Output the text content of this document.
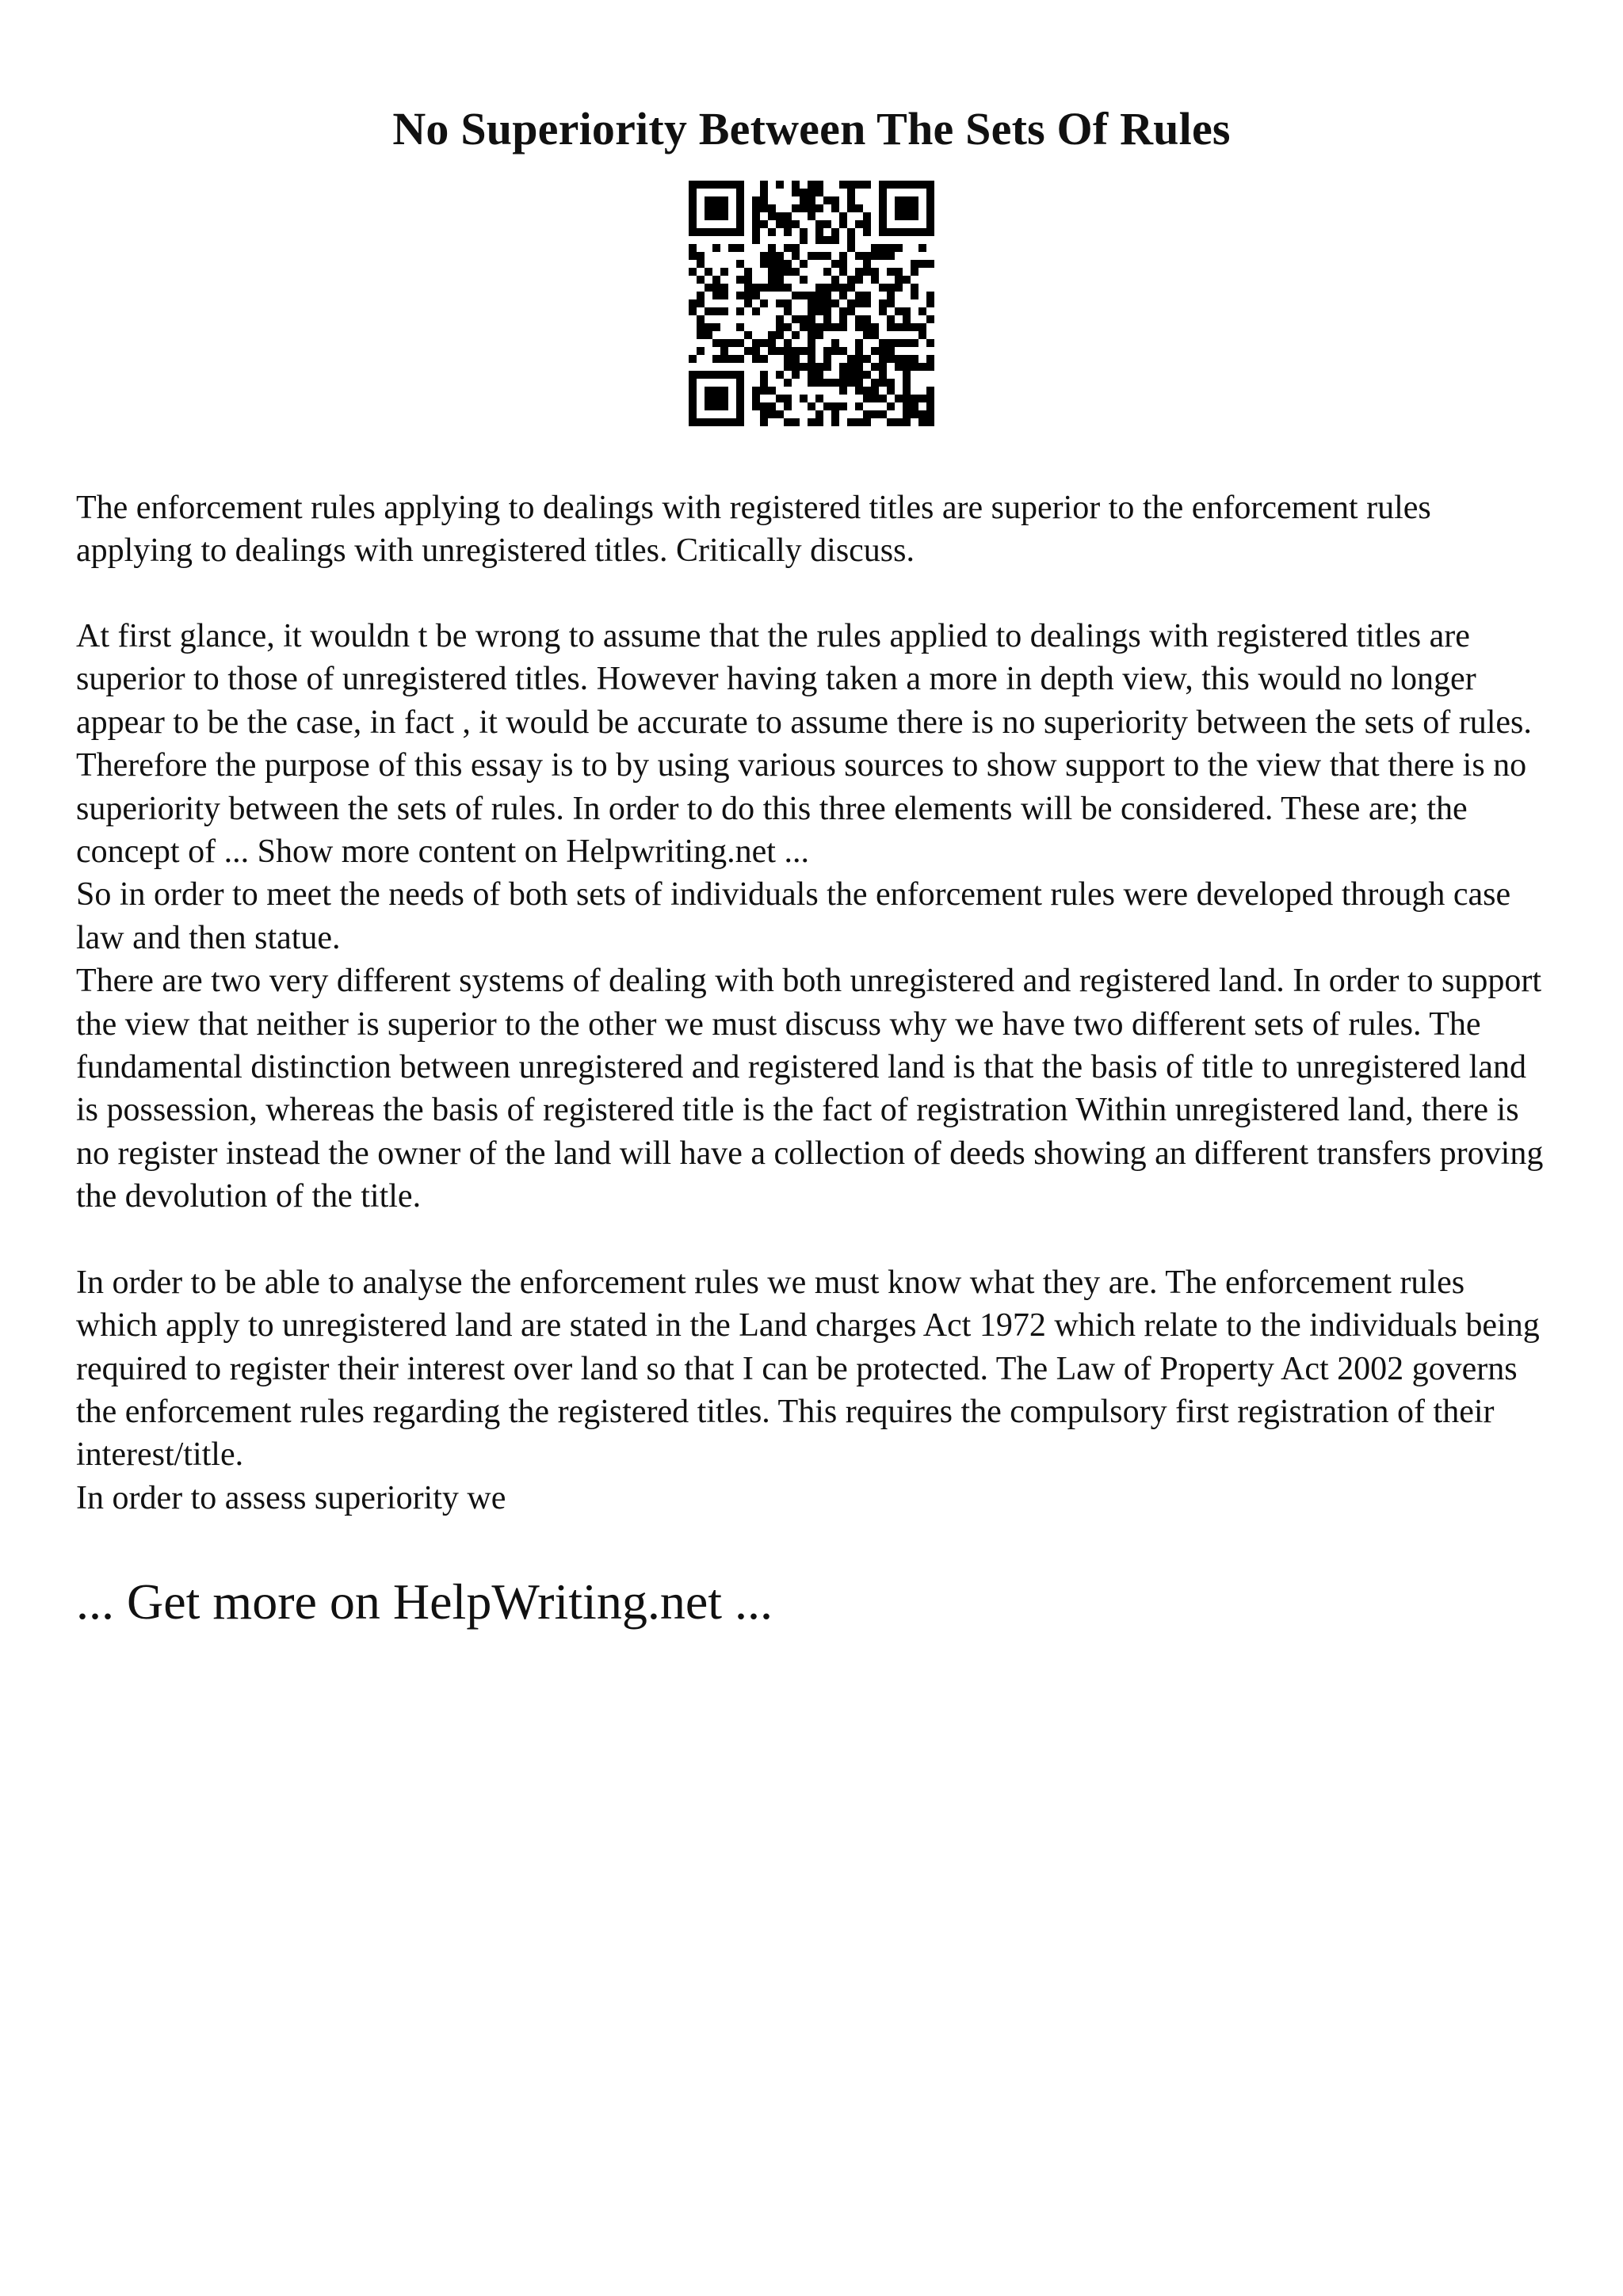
No Superiority Between The Sets Of Rules

The enforcement rules applying to dealings with registered titles are superior to the enforcement rules applying to dealings with unregistered titles. Critically discuss.

At first glance, it wouldn t be wrong to assume that the rules applied to dealings with registered titles are superior to those of unregistered titles. However having taken a more in depth view, this would no longer appear to be the case, in fact , it would be accurate to assume there is no superiority between the sets of rules. Therefore the purpose of this essay is to by using various sources to show support to the view that there is no superiority between the sets of rules. In order to do this three elements will be considered. These are; the concept of ... Show more content on Helpwriting.net ...

So in order to meet the needs of both sets of individuals the enforcement rules were developed through case law and then statue.

There are two very different systems of dealing with both unregistered and registered land. In order to support the view that neither is superior to the other we must discuss why we have two different sets of rules. The fundamental distinction between unregistered and registered land is that the basis of title to unregistered land is possession, whereas the basis of registered title is the fact of registration Within unregistered land, there is no register instead the owner of the land will have a collection of deeds showing an different transfers proving the devolution of the title.

In order to be able to analyse the enforcement rules we must know what they are. The enforcement rules which apply to unregistered land are stated in the Land charges Act 1972 which relate to the individuals being required to register their interest over land so that I can be protected. The Law of Property Act 2002 governs the enforcement rules regarding the registered titles. This requires the compulsory first registration of their interest/title.

In order to assess superiority we

... Get more on HelpWriting.net ...
